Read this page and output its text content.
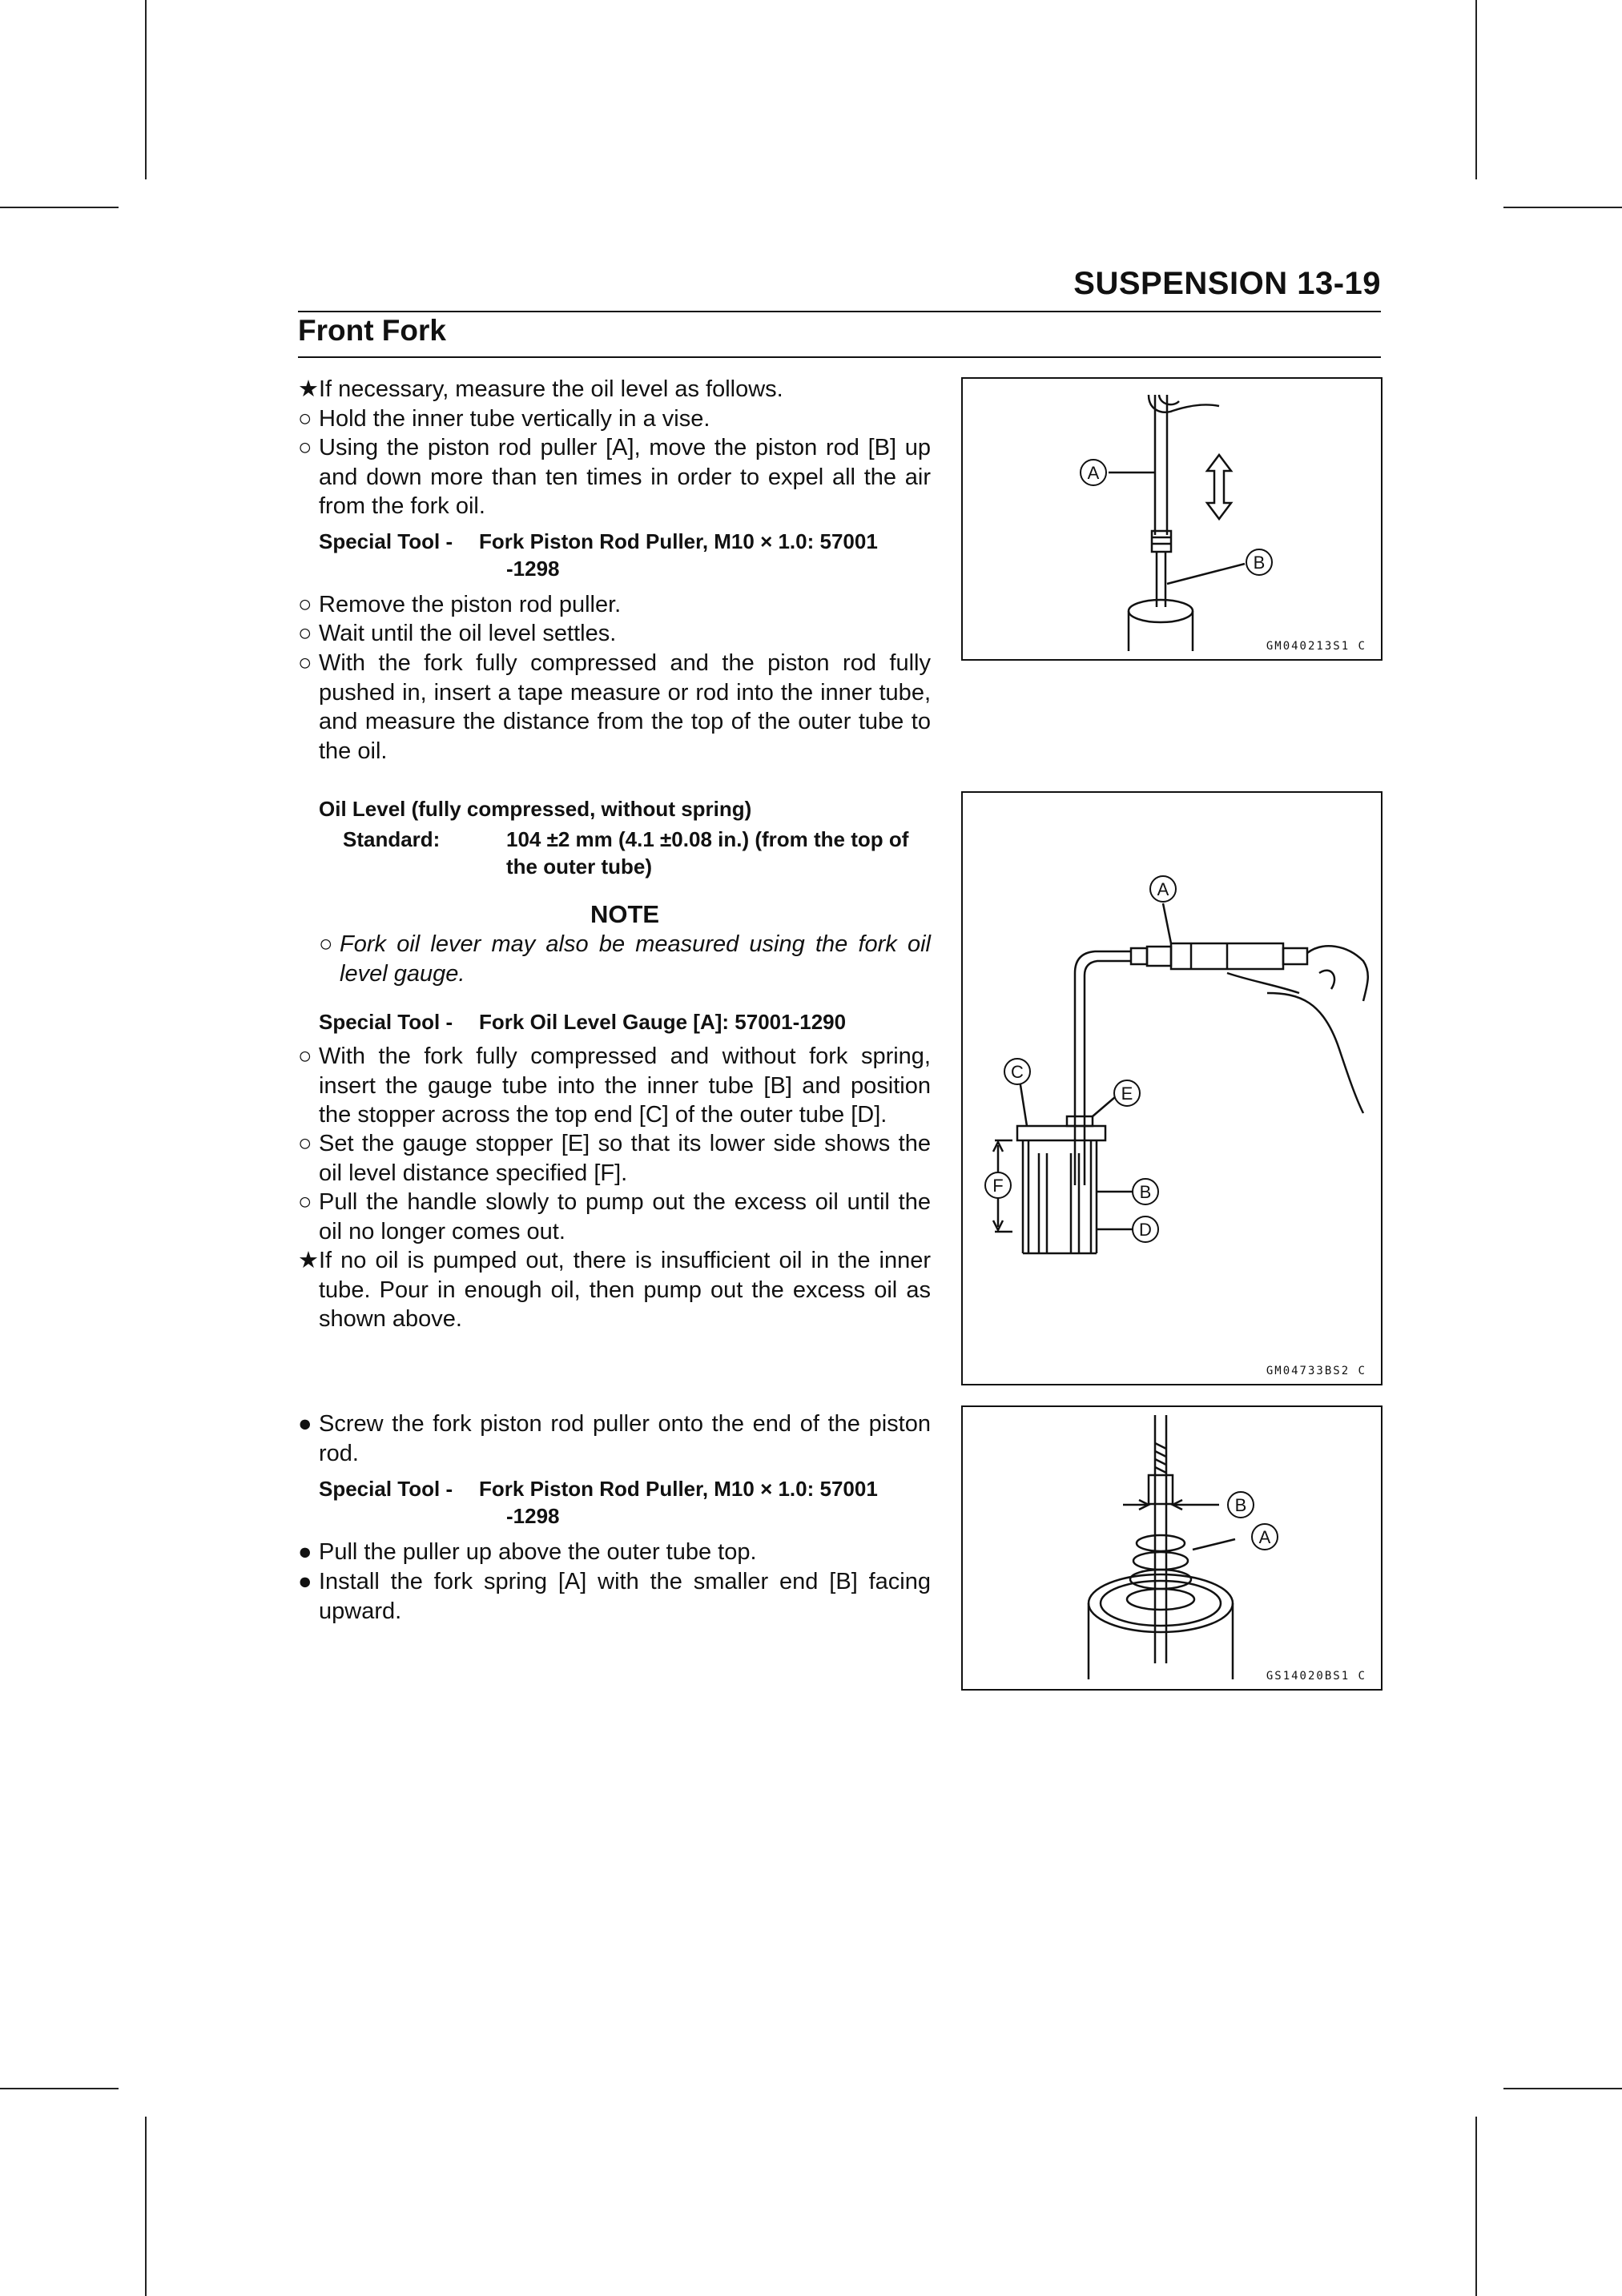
SUSPENSION 13-19
Front Fork
★ If necessary, measure the oil level as follows.
○ Hold the inner tube vertically in a vise.
○ Using the piston rod puller [A], move the piston rod [B] up and down more than ten times in order to expel all the air from the fork oil.
Special Tool -	Fork Piston Rod Puller, M10 × 1.0: 57001
-1298
○ Remove the piston rod puller.
○ Wait until the oil level settles.
○ With the fork fully compressed and the piston rod fully pushed in, insert a tape measure or rod into the inner tube, and measure the distance from the top of the outer tube to the oil.
Oil Level (fully compressed, without spring)
Standard:	104 ±2 mm (4.1 ±0.08 in.) (from the top of the outer tube)
NOTE
○ Fork oil lever may also be measured using the fork oil level gauge.
Special Tool -	Fork Oil Level Gauge [A]: 57001-1290
○ With the fork fully compressed and without fork spring, insert the gauge tube into the inner tube [B] and position the stopper across the top end [C] of the outer tube [D].
○ Set the gauge stopper [E] so that its lower side shows the oil level distance specified [F].
○ Pull the handle slowly to pump out the excess oil until the oil no longer comes out.
★ If no oil is pumped out, there is insufficient oil in the inner tube. Pour in enough oil, then pump out the excess oil as shown above.
● Screw the fork piston rod puller onto the end of the piston rod.
Special Tool -	Fork Piston Rod Puller, M10 × 1.0: 57001
-1298
● Pull the puller up above the outer tube top.
● Install the fork spring [A] with the smaller end [B] facing upward.
A
B
GM040213S1 C
A
B
C
D
E
F
GM04733BS2 C
A
B
GS14020BS1 C
